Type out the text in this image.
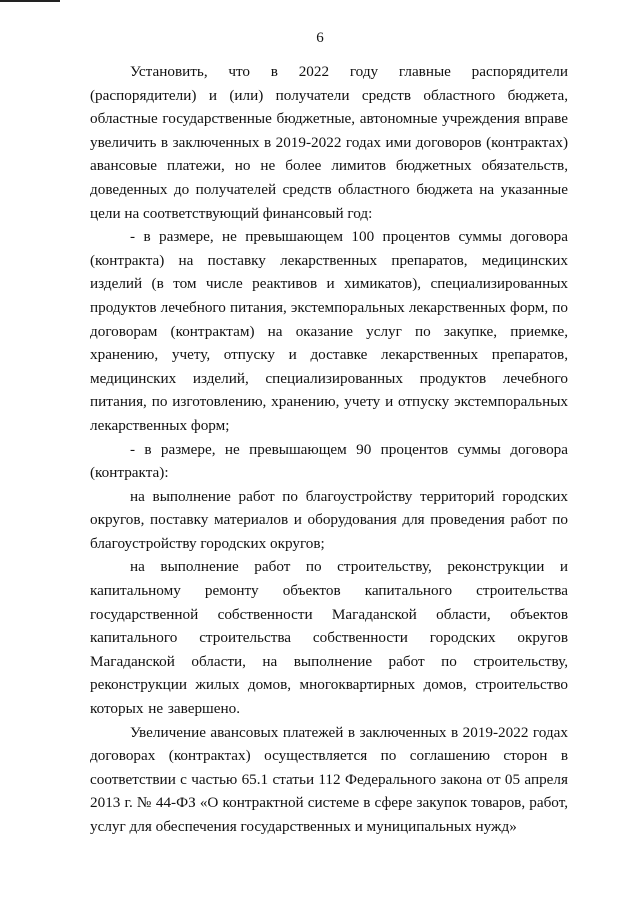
6

Установить, что в 2022 году главные распорядители (распорядители) и (или) получатели средств областного бюджета, областные государственные бюджетные, автономные учреждения вправе увеличить в заключенных в 2019-2022 годах ими договоров (контрактах) авансовые платежи, но не более лимитов бюджетных обязательств, доведенных до получателей средств областного бюджета на указанные цели на соответствующий финансовый год:

- в размере, не превышающем 100 процентов суммы договора (контракта) на поставку лекарственных препаратов, медицинских изделий (в том числе реактивов и химикатов), специализированных продуктов лечебного питания, экстемпоральных лекарственных форм, по договорам (контрактам) на оказание услуг по закупке, приемке, хранению, учету, отпуску и доставке лекарственных препаратов, медицинских изделий, специализированных продуктов лечебного питания, по изготовлению, хранению, учету и отпуску экстемпоральных лекарственных форм;

- в размере, не превышающем 90 процентов суммы договора (контракта):

на выполнение работ по благоустройству территорий городских округов, поставку материалов и оборудования для проведения работ по благоустройству городских округов;

на выполнение работ по строительству, реконструкции и капитальному ремонту объектов капитального строительства государственной собственности Магаданской области, объектов капитального строительства собственности городских округов Магаданской области, на выполнение работ по строительству, реконструкции жилых домов, многоквартирных домов, строительство которых не завершено.

Увеличение авансовых платежей в заключенных в 2019-2022 годах договорах (контрактах) осуществляется по соглашению сторон в соответствии с частью 65.1 статьи 112 Федерального закона от 05 апреля 2013 г. № 44-ФЗ «О контрактной системе в сфере закупок товаров, работ, услуг для обеспечения государственных и муниципальных нужд»
